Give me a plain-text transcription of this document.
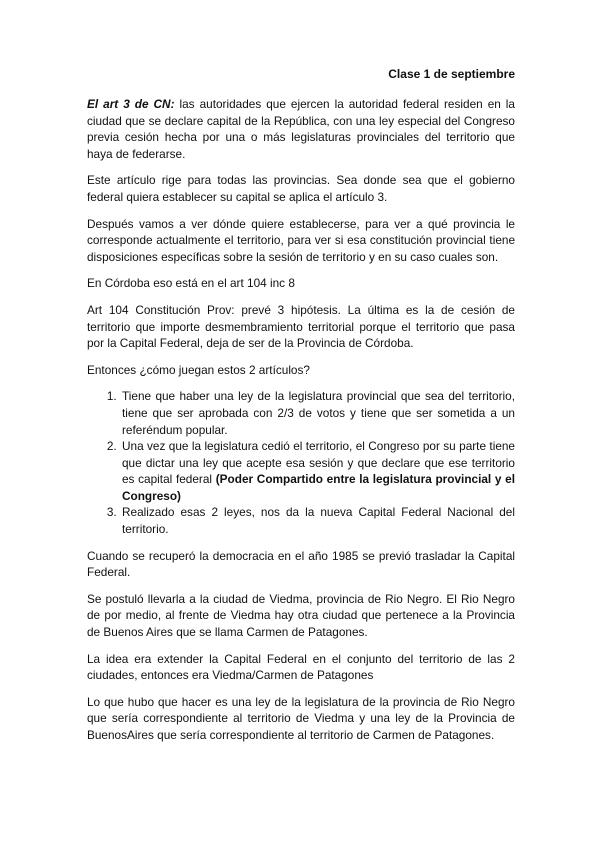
Clase 1 de septiembre

El art 3 de CN: las autoridades que ejercen la autoridad federal residen en la ciudad que se declare capital de la República, con una ley especial del Congreso previa cesión hecha por una o más legislaturas provinciales del territorio que haya de federarse.

Este artículo rige para todas las provincias. Sea donde sea que el gobierno federal quiera establecer su capital se aplica el artículo 3.

Después vamos a ver dónde quiere establecerse, para ver a qué provincia le corresponde actualmente el territorio, para ver si esa constitución provincial tiene disposiciones específicas sobre la sesión de territorio y en su caso cuales son.

En Córdoba eso está en el art 104 inc 8

Art 104 Constitución Prov: prevé 3 hipótesis. La última es la de cesión de territorio que importe desmembramiento territorial porque el territorio que pasa por la Capital Federal, deja de ser de la Provincia de Córdoba.

Entonces ¿cómo juegan estos 2 artículos?

1. Tiene que haber una ley de la legislatura provincial que sea del territorio, tiene que ser aprobada con 2/3 de votos y tiene que ser sometida a un referéndum popular.
2. Una vez que la legislatura cedió el territorio, el Congreso por su parte tiene que dictar una ley que acepte esa sesión y que declare que ese territorio es capital federal (Poder Compartido entre la legislatura provincial y el Congreso)
3. Realizado esas 2 leyes, nos da la nueva Capital Federal Nacional del territorio.

Cuando se recuperó la democracia en el año 1985 se previó trasladar la Capital Federal.

Se postuló llevarla a la ciudad de Viedma, provincia de Rio Negro. El Rio Negro de por medio, al frente de Viedma hay otra ciudad que pertenece a la Provincia de Buenos Aires que se llama Carmen de Patagones.

La idea era extender la Capital Federal en el conjunto del territorio de las 2 ciudades, entonces era Viedma/Carmen de Patagones

Lo que hubo que hacer es una ley de la legislatura de la provincia de Rio Negro que sería correspondiente al territorio de Viedma y una ley de la Provincia de BuenosAires que sería correspondiente al territorio de Carmen de Patagones.
